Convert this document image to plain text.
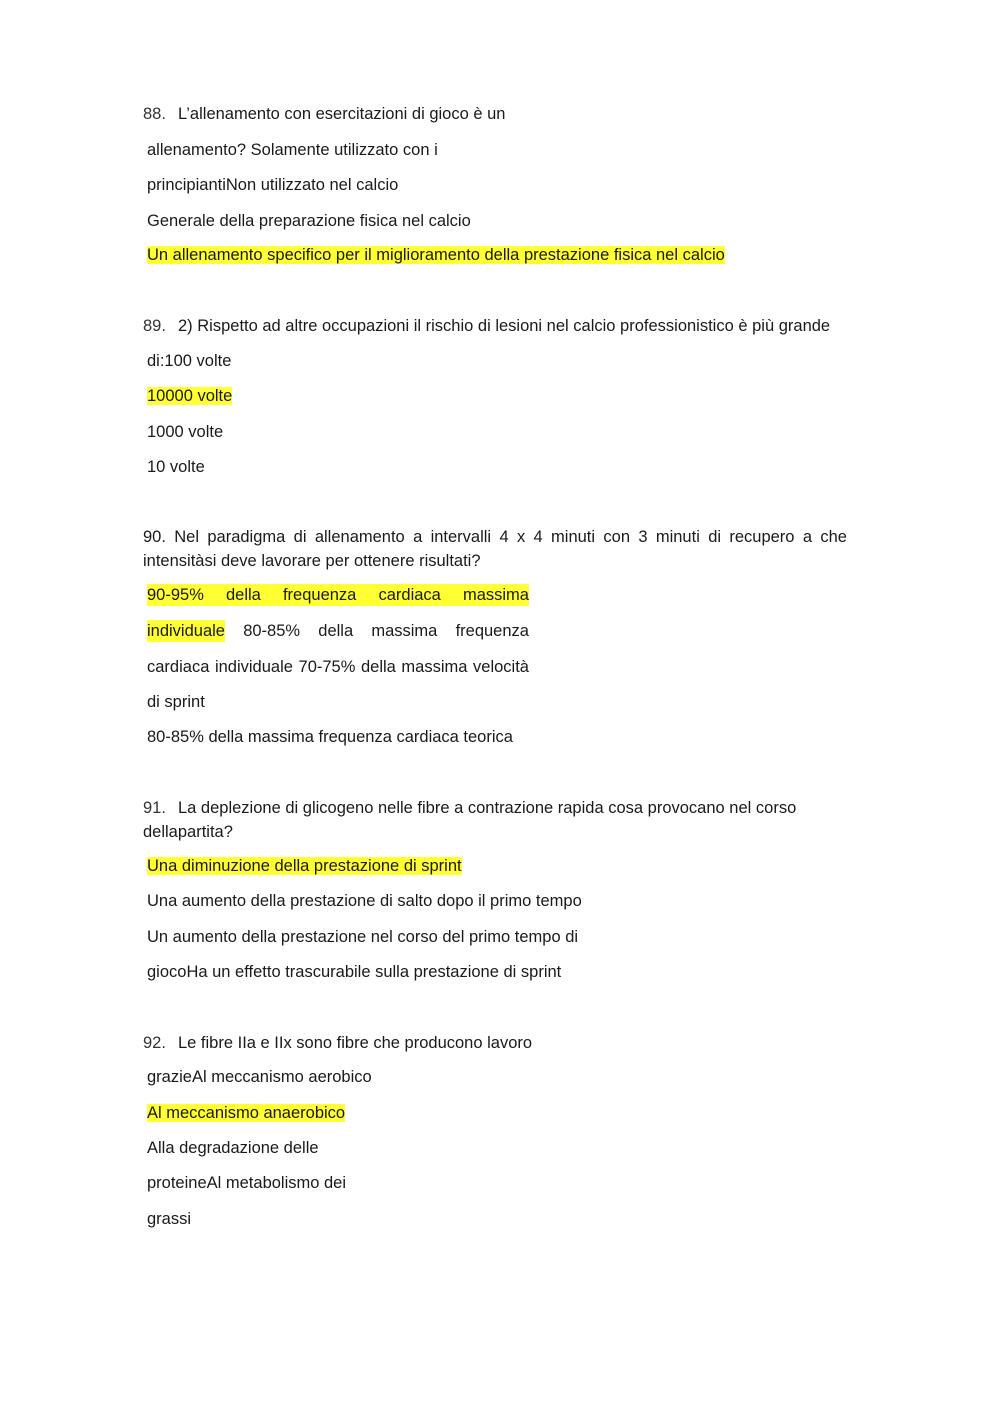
88. L’allenamento con esercitazioni di gioco è un
allenamento? Solamente utilizzato con i
principiantiNon utilizzato nel calcio
Generale della preparazione fisica nel calcio
Un allenamento specifico per il miglioramento della prestazione fisica nel calcio
89. 2) Rispetto ad altre occupazioni il rischio di lesioni nel calcio professionistico è più grande
di:100 volte
10000 volte
1000 volte
10 volte
90. Nel paradigma di allenamento a intervalli 4 x 4 minuti con 3 minuti di recupero a che
intensitàsi deve lavorare per ottenere risultati?
90-95% della frequenza cardiaca massima
individuale 80-85% della massima frequenza
cardiaca individuale 70-75% della massima velocità
di sprint
80-85% della massima frequenza cardiaca teorica
91. La deplezione di glicogeno nelle fibre a contrazione rapida cosa provocano nel corso
dellapartita?
Una diminuzione della prestazione di sprint
Una aumento della prestazione di salto dopo il primo tempo
Un aumento della prestazione nel corso del primo tempo di
giocoHa un effetto trascurabile sulla prestazione di sprint
92. Le fibre IIa e IIx sono fibre che producono lavoro
grazieAl meccanismo aerobico
Al meccanismo anaerobico
Alla degradazione delle
proteineAl metabolismo dei
grassi
